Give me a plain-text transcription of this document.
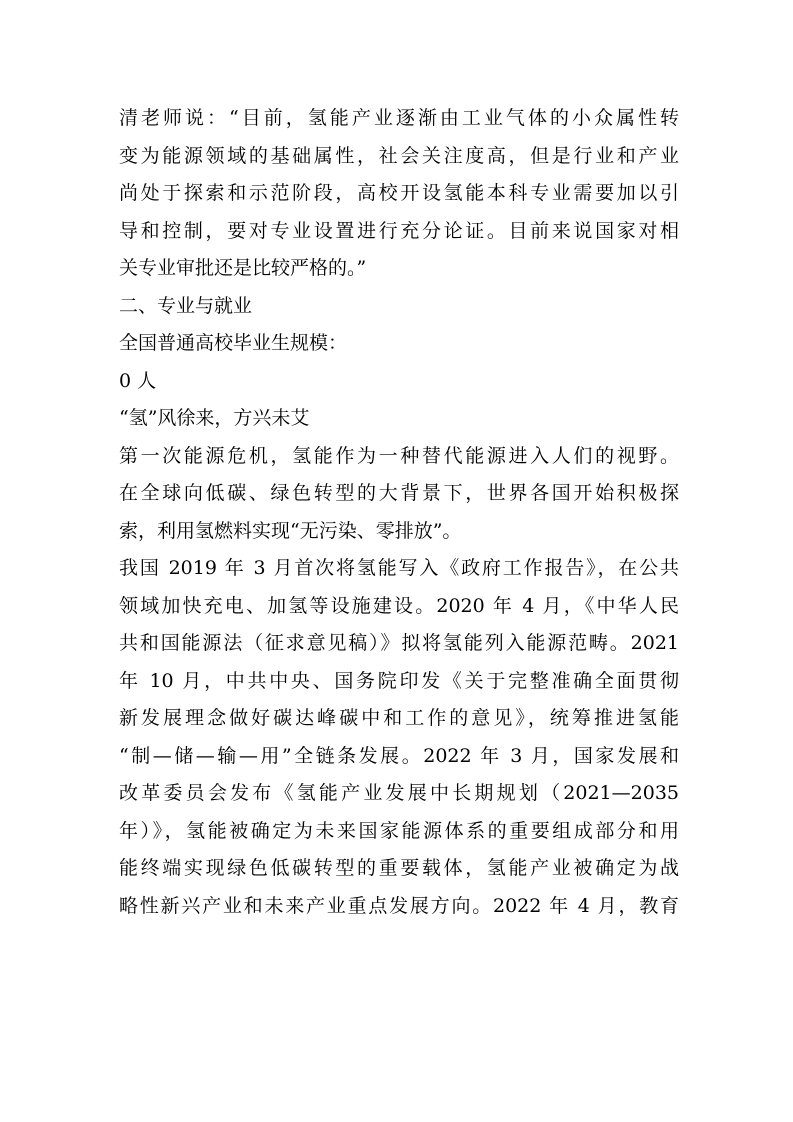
清老师说：“目前，氢能产业逐渐由工业气体的小众属性转
变为能源领域的基础属性，社会关注度高，但是行业和产业
尚处于探索和示范阶段，高校开设氢能本科专业需要加以引
导和控制，要对专业设置进行充分论证。目前来说国家对相
关专业审批还是比较严格的。”
二、专业与就业
全国普通高校毕业生规模：
0 人
“氢”风徐来，方兴未艾
第一次能源危机，氢能作为一种替代能源进入人们的视野。
在全球向低碳、绿色转型的大背景下，世界各国开始积极探
索，利用氢燃料实现“无污染、零排放”。
我国 2019 年 3 月首次将氢能写入《政府工作报告》，在公共
领域加快充电、加氢等设施建设。2020 年 4 月，《中华人民
共和国能源法（征求意见稿）》拟将氢能列入能源范畴。2021
年 10 月，中共中央、国务院印发《关于完整准确全面贯彻
新发展理念做好碳达峰碳中和工作的意见》，统筹推进氢能
“制—储—输—用”全链条发展。2022 年 3 月，国家发展和
改革委员会发布《氢能产业发展中长期规划（2021—2035
年）》，氢能被确定为未来国家能源体系的重要组成部分和用
能终端实现绿色低碳转型的重要载体，氢能产业被确定为战
略性新兴产业和未来产业重点发展方向。2022 年 4 月，教育
